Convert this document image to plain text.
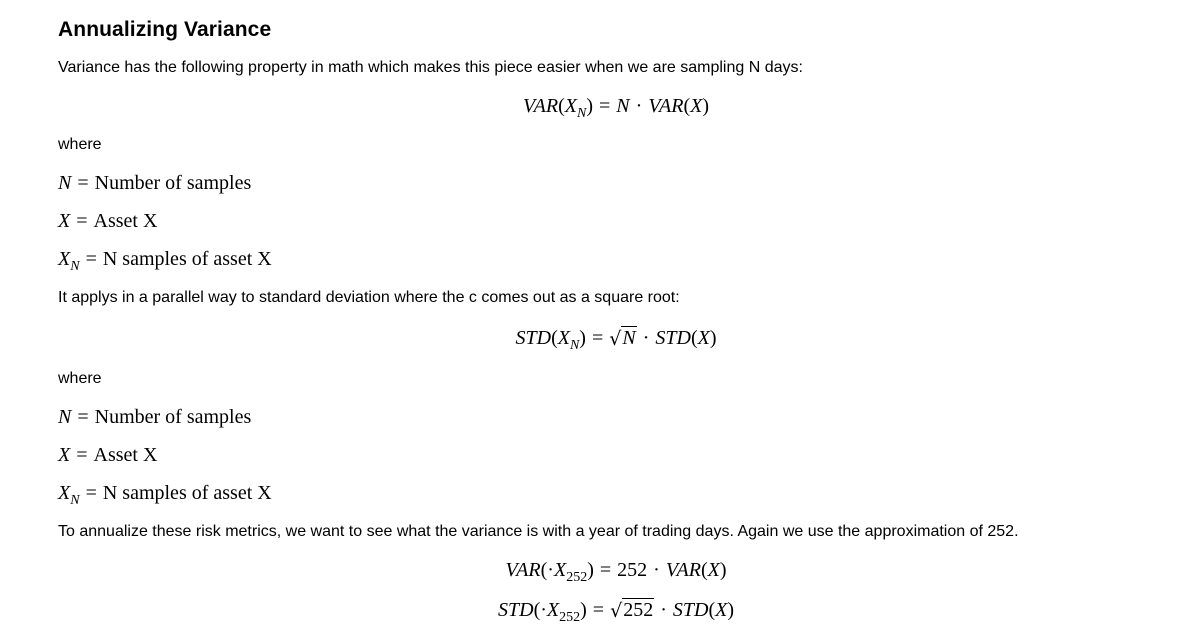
Annualizing Variance
Variance has the following property in math which makes this piece easier when we are sampling N days:
$VAR(X_N) = N \cdot VAR(X)$
where
N = Number of samples
X = Asset X
$X_N = N$ samples of asset X
It applys in a parallel way to standard deviation where the c comes out as a square root:
$STD(X_N) = √N \cdot STD(X)$
where
N = Number of samples
X = Asset X
$X_N = N$ samples of asset X
To annualize these risk metrics, we want to see what the variance is with a year of trading days. Again we use the approximation of 252.
$VAR(\cdot X_{252}) = 252 \cdot VAR(X)$
$STD(\cdot X_{252}) = √252 \cdot STD(X)$
